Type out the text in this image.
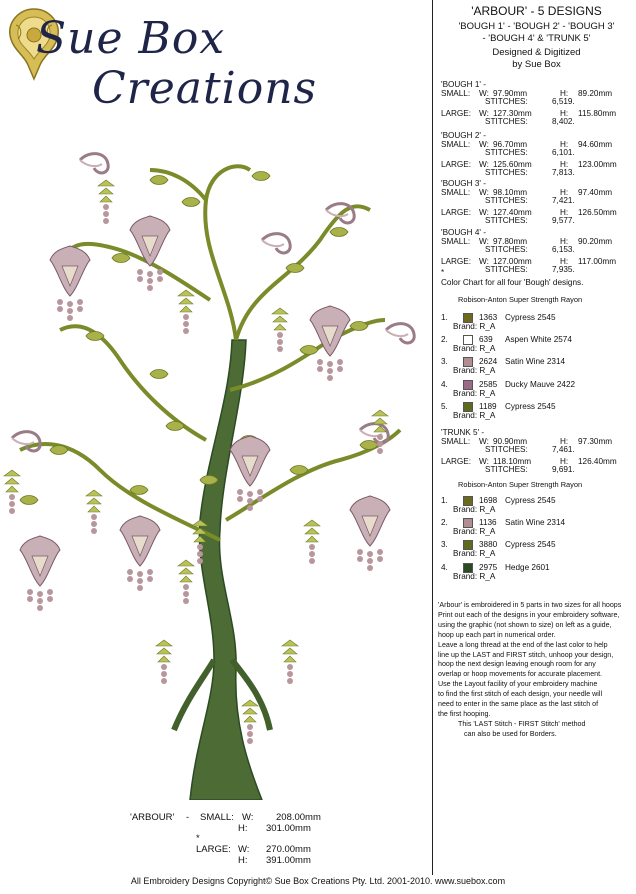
Sue Box
Creations
'ARBOUR' - SMALL: W: 208.00mm
H: 301.00mm
*
LARGE: W: 270.00mm
H: 391.00mm
'ARBOUR' - 5 DESIGNS
'BOUGH 1' - 'BOUGH 2' - 'BOUGH 3'
- 'BOUGH 4' & 'TRUNK 5'
Designed & Digitized
by Sue Box
'BOUGH 1' -
SMALL: W: 97.90mm	H: 89.20mm
STITCHES:	6,519.
LARGE: W: 127.30mm	H: 115.80mm
STITCHES:	8,402.
'BOUGH 2' -
SMALL: W: 96.70mm	H: 94.60mm
STITCHES:	6,101.
LARGE: W: 125.60mm	H: 123.00mm
STITCHES:	7,813.
'BOUGH 3' -
SMALL: W: 98.10mm	H: 97.40mm
STITCHES:	7,421.
LARGE: W: 127.40mm	H: 126.50mm
STITCHES:	9,577.
'BOUGH 4' -
SMALL: W: 97.80mm	H: 90.20mm
STITCHES:	6,153.
LARGE: W: 127.00mm	H: 117.00mm
STITCHES:	7,935.
*
Color Chart for all four 'Bough' designs.
Robison-Anton Super Strength Rayon
1.	1363 Cypress 2545
Brand: R_A
2.	639 Aspen White 2574
Brand: R_A
3.	2624 Satin Wine 2314
Brand: R_A
4.	2585 Ducky Mauve 2422
Brand: R_A
5.	1189 Cypress 2545
Brand: R_A
'TRUNK 5' -
SMALL: W: 90.90mm	H: 97.30mm
STITCHES:	7,461.
LARGE: W: 118.10mm	H: 126.40mm
STITCHES:	9,691.
Robison-Anton Super Strength Rayon
1.	1698 Cypress 2545
Brand: R_A
2.	1136 Satin Wine 2314
Brand: R_A
3.	3880 Cypress 2545
Brand: R_A
4.	2975 Hedge 2601
Brand: R_A
'Arbour' is embroidered in 5 parts in two sizes for all hoops
Print out each of the designs in your embroidery software,
using the graphic (not shown to size) on left as a guide,
hoop up each part in numerical order.
Leave a long thread at the end of the last color to help
line up the LAST and FIRST stitch, unhoop your design,
hoop the next design leaving enough room for any
overlap or hoop movements for accurate placement.
Use the Layout facility of your embroidery machine
to find the first stitch of each design, your needle will
need to enter in the same place as the last stitch of
the first hooping.
This 'LAST Stitch - FIRST Stitch' method
can also be used for Borders.
All Embroidery Designs Copyright© Sue Box Creations Pty. Ltd. 2001-2010. www.suebox.com
